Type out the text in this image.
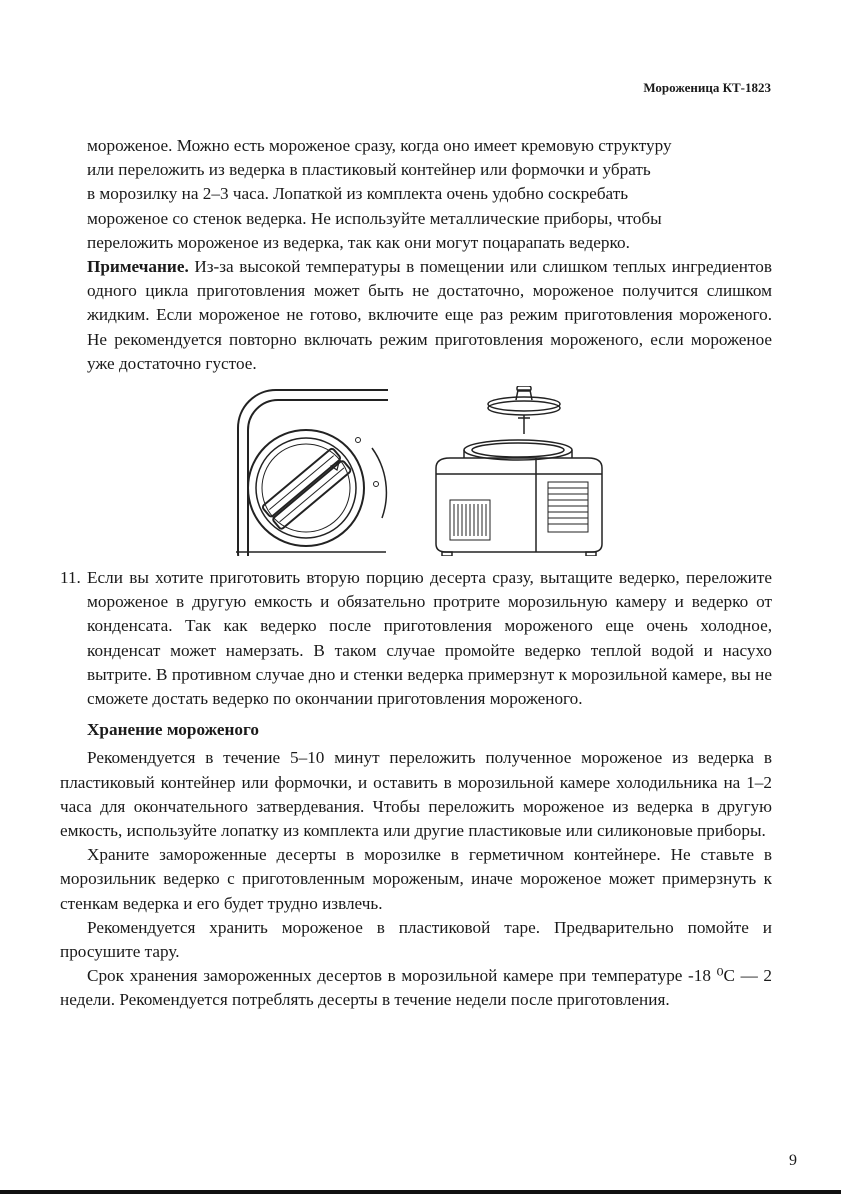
Мороженица КТ-1823

мороженое. Можно есть мороженое сразу, когда оно имеет кремовую структуру

или переложить из ведерка в пластиковый контейнер или формочки и убрать

в морозилку на 2–3 часа. Лопаткой из комплекта очень удобно соскребать

мороженое со стенок ведерка. Не используйте металлические приборы, чтобы

переложить мороженое из ведерка, так как они могут поцарапать ведерко.

Примечание. Из-за высокой температуры в помещении или слишком теплых ингредиентов одного цикла приготовления может быть не достаточно, мороженое получится слишком жидким. Если мороженое не готово, включите еще раз режим приготовления мороженого. Не рекомендуется повторно включать режим приготовления мороженого, если мороженое уже достаточно густое.

11. Если вы хотите приготовить вторую порцию десерта сразу, вытащите ведерко, переложите мороженое в другую емкость и обязательно протрите морозильную камеру и ведерко от конденсата. Так как ведерко после приготовления мороженого еще очень холодное, конденсат может намерзать. В таком случае промойте ведерко теплой водой и насухо вытрите. В противном случае дно и стенки ведерка примерзнут к морозильной камере, вы не сможете достать ведерко по окончании приготовления мороженого.

Хранение мороженого

Рекомендуется в течение 5–10 минут переложить полученное мороженое из ведерка в пластиковый контейнер или формочки, и оставить в морозильной камере холодильника на 1–2 часа для окончательного затвердевания. Чтобы переложить мороженое из ведерка в другую емкость, используйте лопатку из комплекта или другие пластиковые или силиконовые приборы.

Храните замороженные десерты в морозилке в герметичном контейнере. Не ставьте в морозильник ведерко с приготовленным мороженым, иначе мороженое может примерзнуть к стенкам ведерка и его будет трудно извлечь.

Рекомендуется хранить мороженое в пластиковой таре. Предварительно помойте и просушите тару.

Срок хранения замороженных десертов в морозильной камере при температуре -18 ⁰С — 2 недели. Рекомендуется потреблять десерты в течение недели после приготовления.

9
